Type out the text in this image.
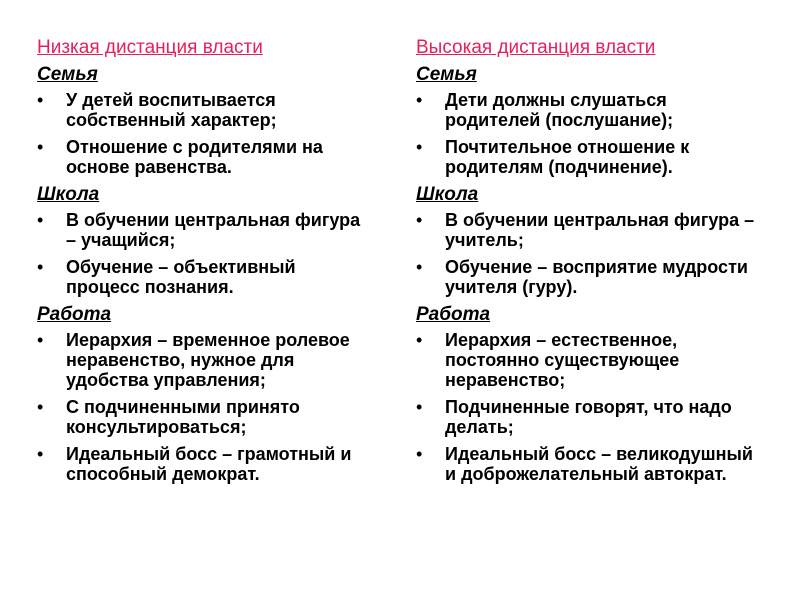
Низкая дистанция власти
Семья
• У детей воспитывается собственный характер;
• Отношение с родителями на основе равенства.
Школа
• В обучении центральная фигура – учащийся;
• Обучение – объективный процесс познания.
Работа
• Иерархия – временное ролевое неравенство, нужное для удобства управления;
• С подчиненными принято консультироваться;
• Идеальный босс – грамотный и способный демократ.
Высокая дистанция власти
Семья
• Дети должны слушаться родителей (послушание);
• Почтительное отношение к родителям (подчинение).
Школа
• В обучении центральная фигура – учитель;
• Обучение – восприятие мудрости учителя (гуру).
Работа
• Иерархия – естественное, постоянно существующее неравенство;
• Подчиненные говорят, что надо делать;
• Идеальный босс – великодушный и доброжелательный автократ.
